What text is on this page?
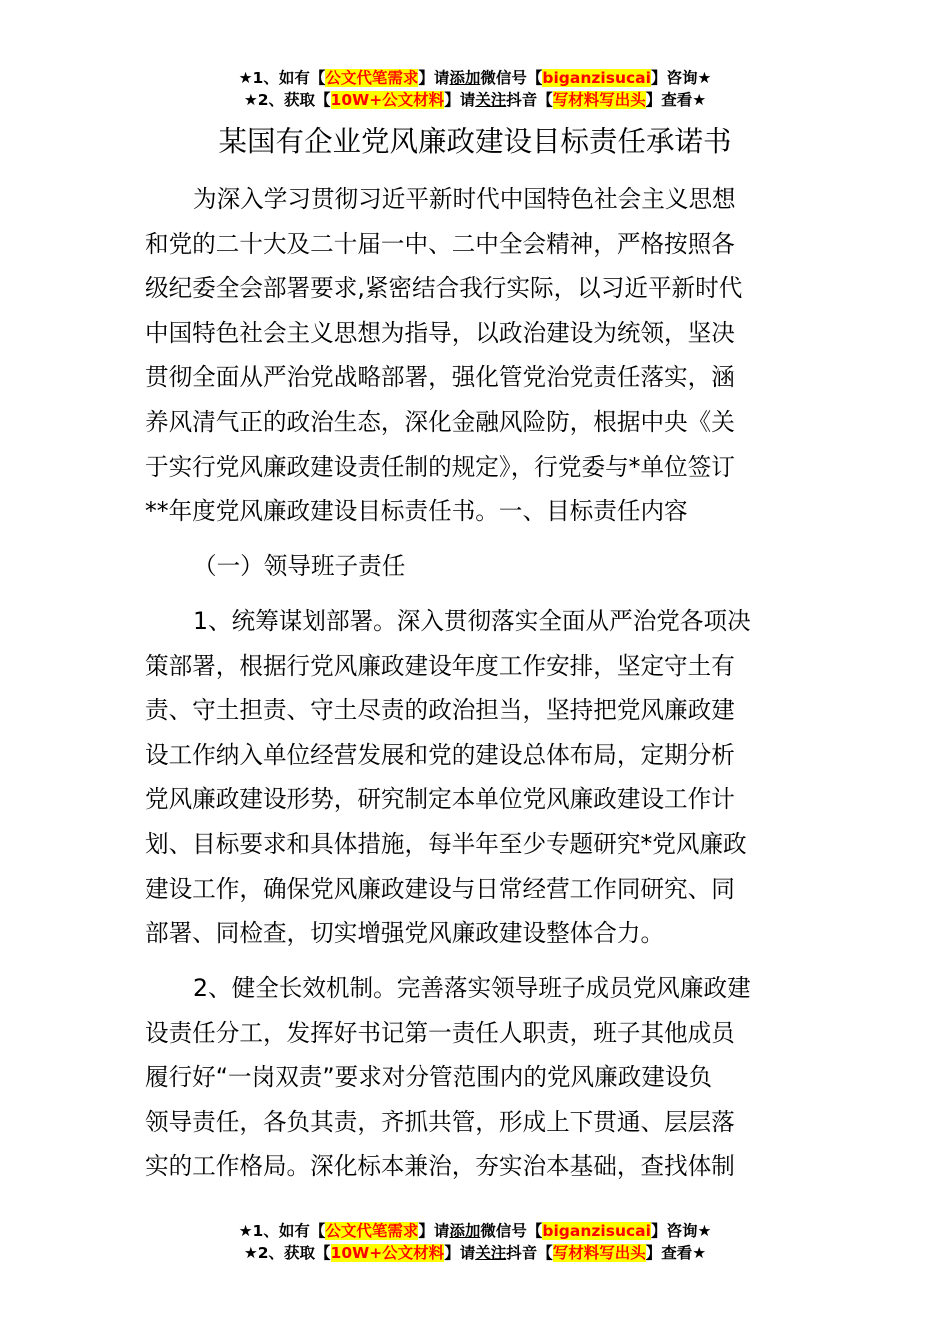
★1、如有【公文代笔需求】请添加微信号【biganzisucai】咨询★
★2、获取【10W+公文材料】请关注抖音【写材料写出头】查看★
某国有企业党风廉政建设目标责任承诺书
为深入学习贯彻习近平新时代中国特色社会主义思想
和党的二十大及二十届一中、二中全会精神，严格按照各
级纪委全会部署要求,紧密结合我行实际，以习近平新时代
中国特色社会主义思想为指导，以政治建设为统领，坚决
贯彻全面从严治党战略部署，强化管党治党责任落实，涵
养风清气正的政治生态，深化金融风险防，根据中央《关
于实行党风廉政建设责任制的规定》，行党委与*单位签订
**年度党风廉政建设目标责任书。一、目标责任内容
（一）领导班子责任
1、统筹谋划部署。深入贯彻落实全面从严治党各项决
策部署，根据行党风廉政建设年度工作安排，坚定守土有
责、守土担责、守土尽责的政治担当，坚持把党风廉政建
设工作纳入单位经营发展和党的建设总体布局，定期分析
党风廉政建设形势，研究制定本单位党风廉政建设工作计
划、目标要求和具体措施，每半年至少专题研究*党风廉政
建设工作，确保党风廉政建设与日常经营工作同研究、同
部署、同检查，切实增强党风廉政建设整体合力。
2、健全长效机制。完善落实领导班子成员党风廉政建
设责任分工，发挥好书记第一责任人职责，班子其他成员
履行好“一岗双责”要求对分管范围内的党风廉政建设负
领导责任，各负其责，齐抓共管，形成上下贯通、层层落
实的工作格局。深化标本兼治，夯实治本基础，查找体制
★1、如有【公文代笔需求】请添加微信号【biganzisucai】咨询★
★2、获取【10W+公文材料】请关注抖音【写材料写出头】查看★
